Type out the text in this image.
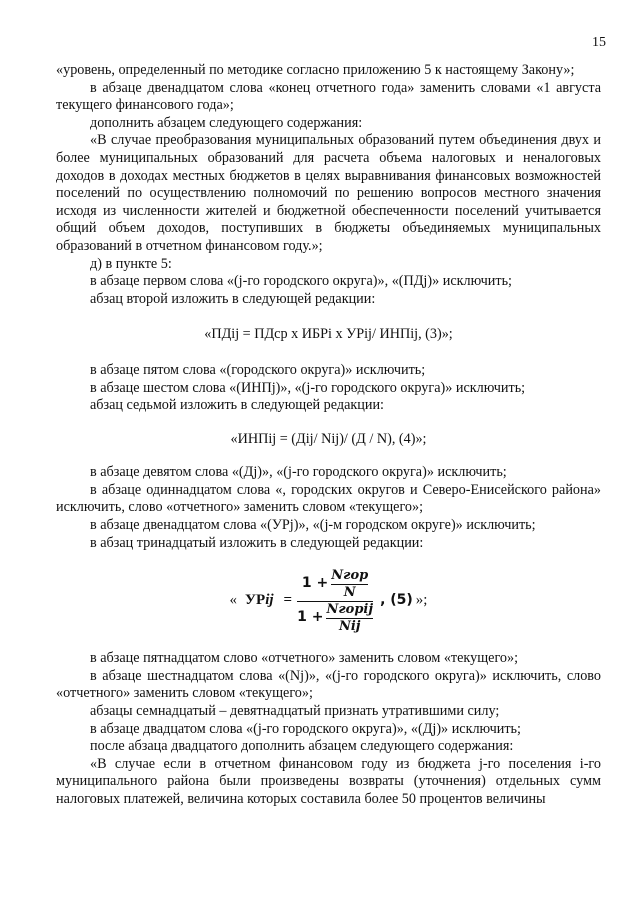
15

«уровень, определенный по методике согласно приложению 5 к настоящему Закону»;

в абзаце двенадцатом слова «конец отчетного года» заменить словами «1 августа текущего финансового года»;

дополнить абзацем следующего содержания:

«В случае преобразования муниципальных образований путем объединения двух и более муниципальных образований для расчета объема налоговых и неналоговых доходов в доходах местных бюджетов в целях выравнивания финансовых возможностей поселений по осуществлению полномочий по решению вопросов местного значения исходя из численности жителей и бюджетной обеспеченности поселений учитывается общий объем доходов, поступивших в бюджеты объединяемых муниципальных образований в отчетном финансовом году.»;

д) в пункте 5:

в абзаце первом слова «(j-го городского округа)», «(ПДj)» исключить;

абзац второй изложить в следующей редакции:

«ПДij = ПДср х ИБРi х УРij/ ИНПij, (3)»;

в абзаце пятом слова «(городского округа)» исключить;

в абзаце шестом слова «(ИНПj)», «(j-го городского округа)» исключить;

абзац седьмой изложить в следующей редакции:

«ИНПij = (Дij/ Nij)/ (Д / N), (4)»;

в абзаце девятом слова «(Дj)», «(j-го городского округа)» исключить;

в абзаце одиннадцатом слова «, городских округов и Северо-Енисейского района» исключить, слово «отчетного» заменить словом «текущего»;

в абзаце двенадцатом слова «(УРj)», «(j-м городском округе)» исключить;

в абзац тринадцатый изложить в следующей редакции:

« УРij =
$1 + \frac{\text{Nгор}}{N}$
$1 + \frac{\text{Nгорij}}{\text{Nij}}$
, (5) »;

в абзаце пятнадцатом слово «отчетного» заменить словом «текущего»;

в абзаце шестнадцатом слова «(Nj)», «(j-го городского округа)» исключить, слово «отчетного» заменить словом «текущего»;

абзацы семнадцатый – девятнадцатый признать утратившими силу;

в абзаце двадцатом слова «(j-го городского округа)», «(Дj)» исключить;

после абзаца двадцатого дополнить абзацем следующего содержания:

«В случае если в отчетном финансовом году из бюджета j-го поселения i-го муниципального района были произведены возвраты (уточнения) отдельных сумм налоговых платежей, величина которых составила более 50 процентов величины
